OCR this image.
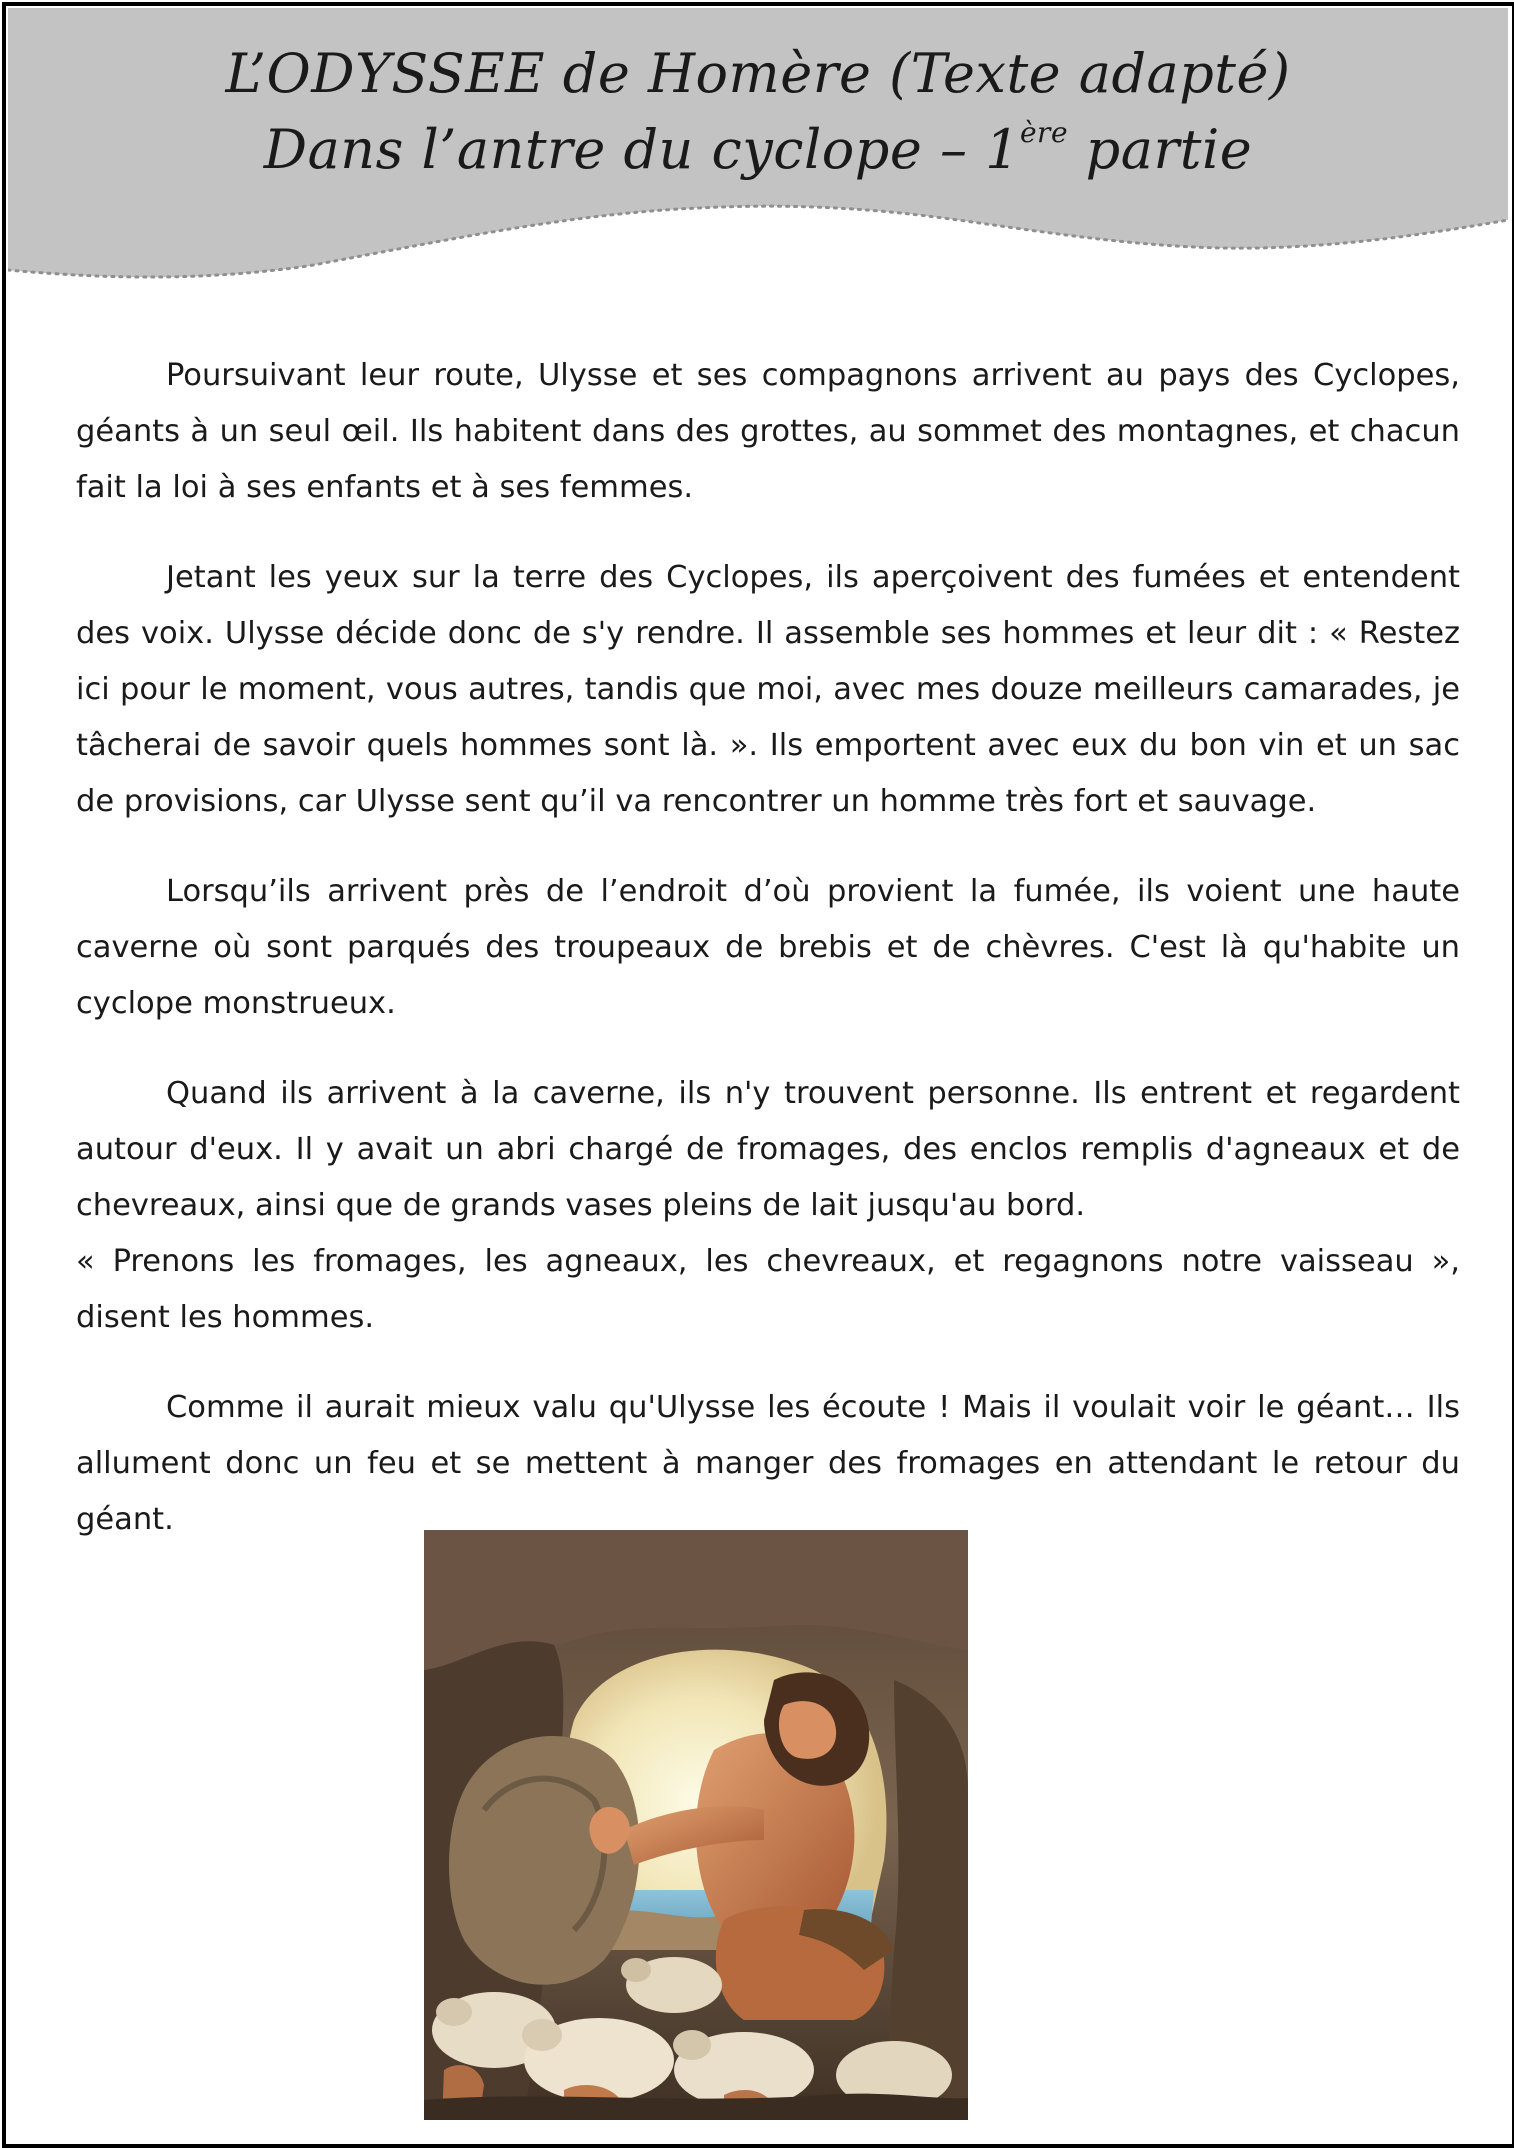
L’ODYSSEE de Homère (Texte adapté)
Dans l’antre du cyclope – 1ère partie

Poursuivant leur route, Ulysse et ses compagnons arrivent au pays des Cyclopes, géants à un seul œil. Ils habitent dans des grottes, au sommet des montagnes, et chacun fait la loi à ses enfants et à ses femmes.

Jetant les yeux sur la terre des Cyclopes, ils aperçoivent des fumées et entendent des voix. Ulysse décide donc de s'y rendre. Il assemble ses hommes et leur dit : « Restez ici pour le moment, vous autres, tandis que moi, avec mes douze meilleurs camarades, je tâcherai de savoir quels hommes sont là. ». Ils emportent avec eux du bon vin et un sac de provisions, car Ulysse sent qu’il va rencontrer un homme très fort et sauvage.

Lorsqu’ils arrivent près de l’endroit d’où provient la fumée, ils voient une haute caverne où sont parqués des troupeaux de brebis et de chèvres. C'est là qu'habite un cyclope monstrueux.

Quand ils arrivent à la caverne, ils n'y trouvent personne. Ils entrent et regardent autour d'eux. Il y avait un abri chargé de fromages, des enclos remplis d'agneaux et de chevreaux, ainsi que de grands vases pleins de lait jusqu'au bord.

« Prenons les fromages, les agneaux, les chevreaux, et regagnons notre vaisseau », disent les hommes.

Comme il aurait mieux valu qu'Ulysse les écoute ! Mais il voulait voir le géant… Ils allument donc un feu et se mettent à manger des fromages en attendant le retour du géant.
